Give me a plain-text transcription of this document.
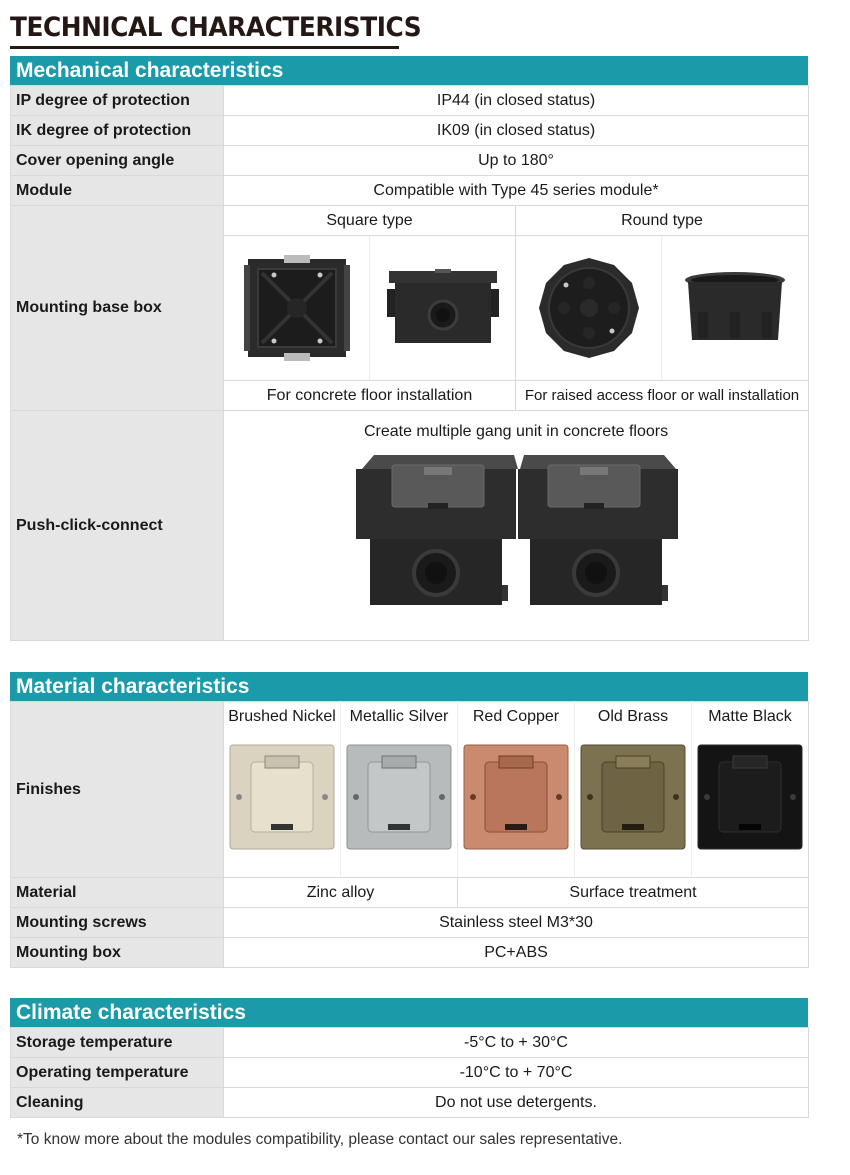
TECHNICAL CHARACTERISTICS
Mechanical characteristics
IP degree of protection	IP44 (in closed status)			
IK degree of protection	IK09 (in closed status)			
Cover opening angle	Up to 180°			
Module	Compatible with Type 45 series module*			
Mounting base box	Square type		Round type	

	For concrete floor installation		For raised access floor or wall installation	
Push-click-connect	Create multiple gang unit in concrete floors			
Material characteristics
Finishes	Brushed Nickel	Metallic Silver	Red Copper	Old Brass	Matte Black

Material	Zinc alloy		Surface treatment		
Mounting screws	Stainless steel M3*30				
Mounting box	PC+ABS				
Climate characteristics
Storage temperature	-5°C to + 30°C
Operating temperature	-10°C to + 70°C
Cleaning	Do not use detergents.
*To know more about the modules compatibility, please contact our sales representative.
